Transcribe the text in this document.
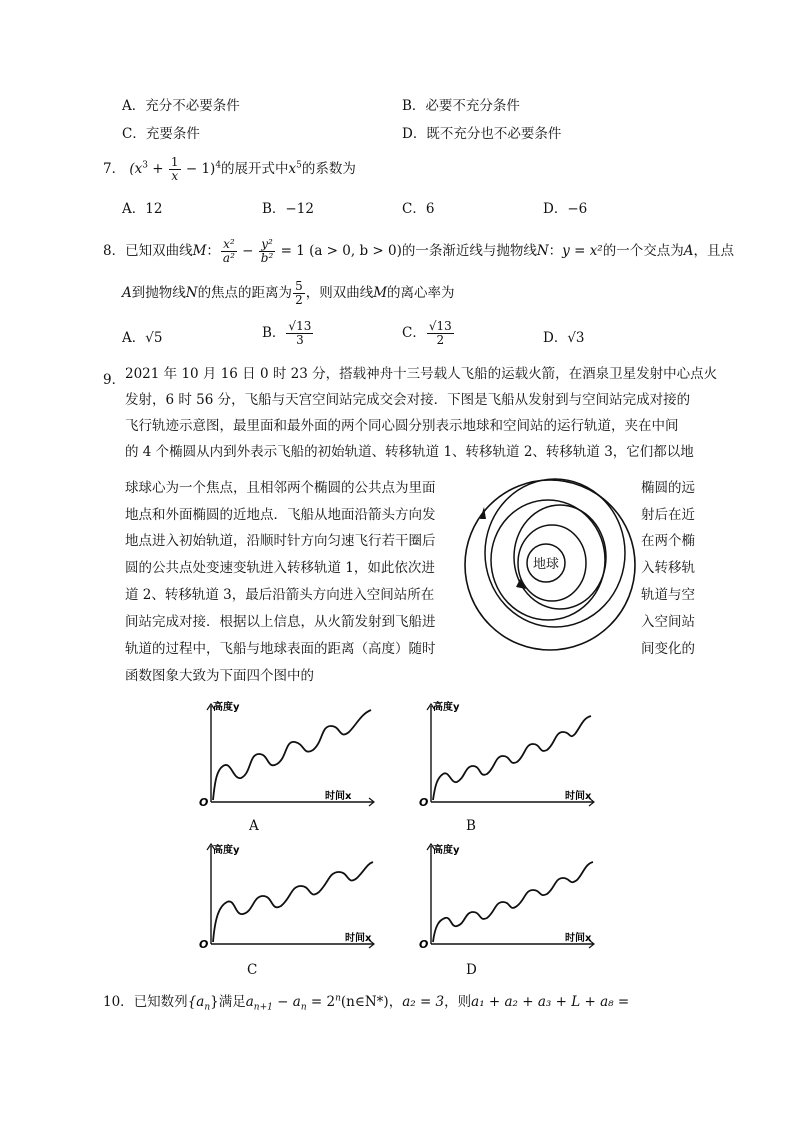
A．充分不必要条件	B．必要不充分条件
C．充要条件	D．既不充分也不必要条件
7． $(x^3 + \frac{1}{x} - 1)^4$的展开式中$x^5$的系数为
A．12	B．−12	C．6	D．−6
8．已知双曲线M： $\frac{\text{x²}}{\text{a²}} - \frac{\text{y²}}{\text{b²}} = 1$ (a > 0, b > 0)的一条渐近线与抛物线N：y = x²的一个交点为A，且点
A到抛物线N的焦点的距离为 $\frac{5}{2}$ ，则双曲线M的离心率为
A．√5	B． $\frac{√13}{3}$	C． $\frac{√13}{2}$	D．√3
9． 2021 年 10 月 16 日 0 时 23 分，搭载神舟十三号载人飞船的运载火箭，在酒泉卫星发射中心点火
发射，6 时 56 分，飞船与天宫空间站完成交会对接．下图是飞船从发射到与空间站完成对接的
飞行轨迹示意图，最里面和最外面的两个同心圆分别表示地球和空间站的运行轨道，夹在中间
的 4 个椭圆从内到外表示飞船的初始轨道、转移轨道 1、转移轨道 2、转移轨道 3，它们都以地
球球心为一个焦点，且相邻两个椭圆的公共点为里面	椭圆的远
地点和外面椭圆的近地点．飞船从地面沿箭头方向发	射后在近
地点进入初始轨道，沿顺时针方向匀速飞行若干圈后	在两个椭
圆的公共点处变速变轨进入转移轨道 1，如此依次进	入转移轨
道 2、转移轨道 3，最后沿箭头方向进入空间站所在	轨道与空
间站完成对接．根据以上信息，从火箭发射到飞船进	入空间站
轨道的过程中，飞船与地球表面的距离（高度）随时	间变化的
函数图象大致为下面四个图中的
地球
高度y
时间x
O
A
高度y
时间x
O
B
高度y
时间x
O
C
高度y
时间x
O
D
10．已知数列$\{a_n\}$满足$a_{n+1} - a_n$ = $2^n(n\in N*)$，a₂ = 3，则a₁ + a₂ + a₃ + L + a₈ =
